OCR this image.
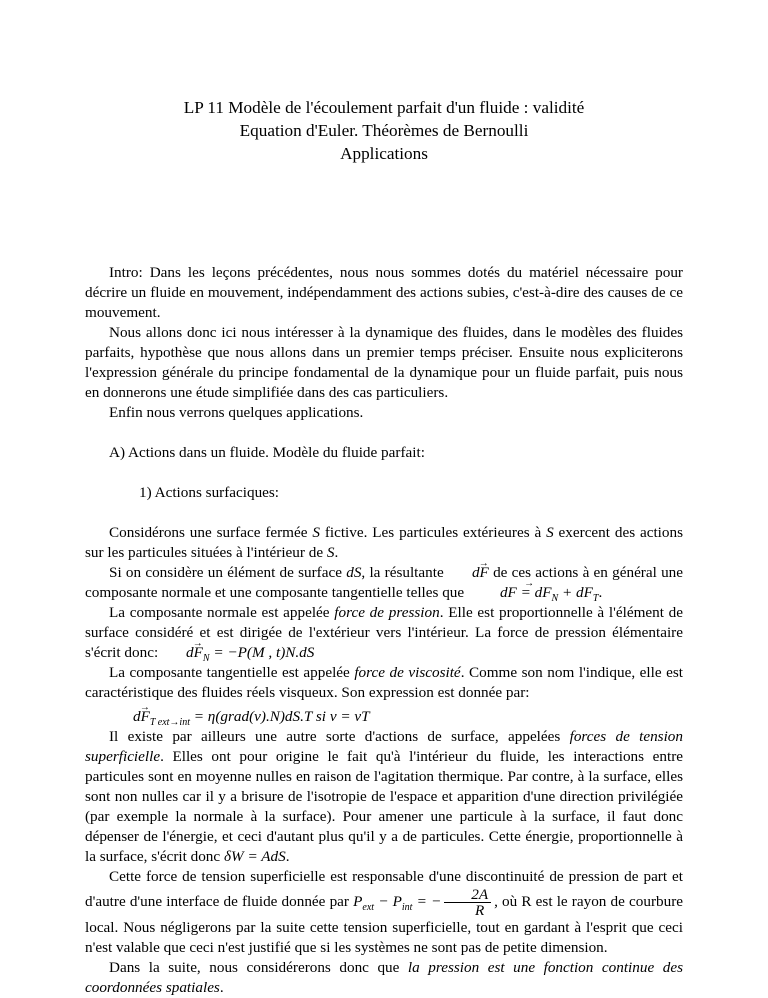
LP 11 Modèle de l'écoulement parfait d'un fluide : validité
Equation d'Euler. Théorèmes de Bernoulli
Applications

Intro: Dans les leçons précédentes, nous nous sommes dotés du matériel nécessaire pour décrire un fluide en mouvement, indépendamment des actions subies, c'est-à-dire des causes de ce mouvement.

Nous allons donc ici nous intéresser à la dynamique des fluides, dans le modèles des fluides parfaits, hypothèse que nous allons dans un premier temps préciser. Ensuite nous expliciterons l'expression générale du principe fondamental de la dynamique pour un fluide parfait, puis nous en donnerons une étude simplifiée dans des cas particuliers.

Enfin nous verrons quelques applications.

A) Actions dans un fluide. Modèle du fluide parfait:

1) Actions surfaciques:

Considérons une surface fermée S fictive. Les particules extérieures à S exercent des actions sur les particules situées à l'intérieur de S.

Si on considère un élément de surface dS, la résultante → dF de ces actions à en général une composante normale et une composante tangentielle telles que → dF = $dF_N + dF_T$.

La composante normale est appelée force de pression. Elle est proportionnelle à l'élément de surface considéré et est dirigée de l'extérieur vers l'intérieur. La force de pression élémentaire s'écrit donc: → $dF_N = -P(M$ , t)N.dS

La composante tangentielle est appelée force de viscosité. Comme son nom l'indique, elle est caractéristique des fluides réels visqueux. Son expression est donnée par:

→ $dF_{T ext\to int}$ = η(grad(v).N)dS.T si v = vT

Il existe par ailleurs une autre sorte d'actions de surface, appelées forces de tension superficielle. Elles ont pour origine le fait qu'à l'intérieur du fluide, les interactions entre particules sont en moyenne nulles en raison de l'agitation thermique. Par contre, à la surface, elles sont non nulles car il y a brisure de l'isotropie de l'espace et apparition d'une direction privilégiée (par exemple la normale à la surface). Pour amener une particule à la surface, il faut donc dépenser de l'énergie, et ceci d'autant plus qu'il y a de particules. Cette énergie, proportionnelle à la surface, s'écrit donc δW = AdS.

Cette force de tension superficielle est responsable d'une discontinuité de pression de part et d'autre d'une interface de fluide donnée par $P_{ext} - P_{int}$ = − $\frac{2A}{R}$ , où R est le rayon de courbure local. Nous négligerons par la suite cette tension superficielle, tout en gardant à l'esprit que ceci n'est valable que ceci n'est justifié que si les systèmes ne sont pas de petite dimension.

Dans la suite, nous considérerons donc que la pression est une fonction continue des coordonnées spatiales.
